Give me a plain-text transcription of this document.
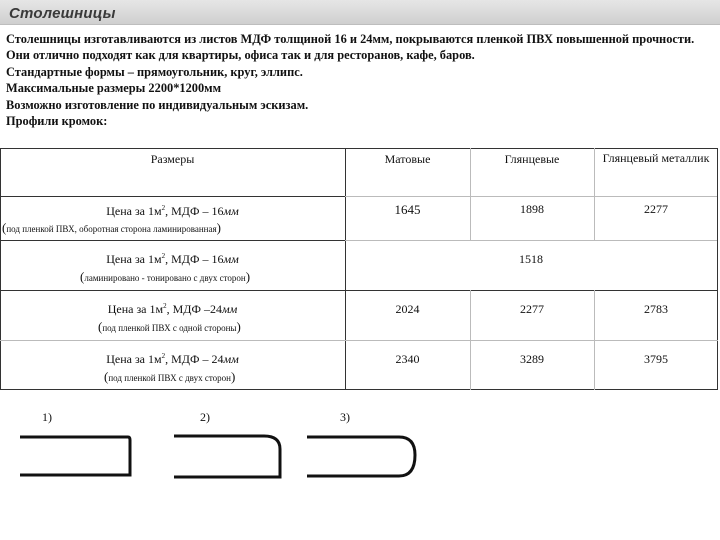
Столешницы
Столешницы изготавливаются из листов МДФ толщиной 16 и 24мм, покрываются пленкой ПВХ повышенной прочности.
Они отлично подходят как для квартиры, офиса так и для ресторанов, кафе, баров.
Стандартные формы – прямоугольник, круг, эллипс.
Максимальные размеры 2200*1200мм
Возможно изготовление по индивидуальным эскизам.
Профили кромок:
Размеры	Матовые	Глянцевые	Глянцевый металлик
Цена за $1м^2$, МДФ – 16мм
(под пленкой ПВХ, оборотная сторона ламинированная)
1645	1898	2277
Цена за $1м^2$, МДФ – 16мм
(ламинировано - тонировано с двух сторон)
1518
Цена за $1м^2$, МДФ –24мм
(под пленкой ПВХ с одной стороны)
2024	2277	2783
Цена за $1м^2$, МДФ – 24мм
(под пленкой ПВХ с двух сторон)
2340	3289	3795
1)	2)	3)
